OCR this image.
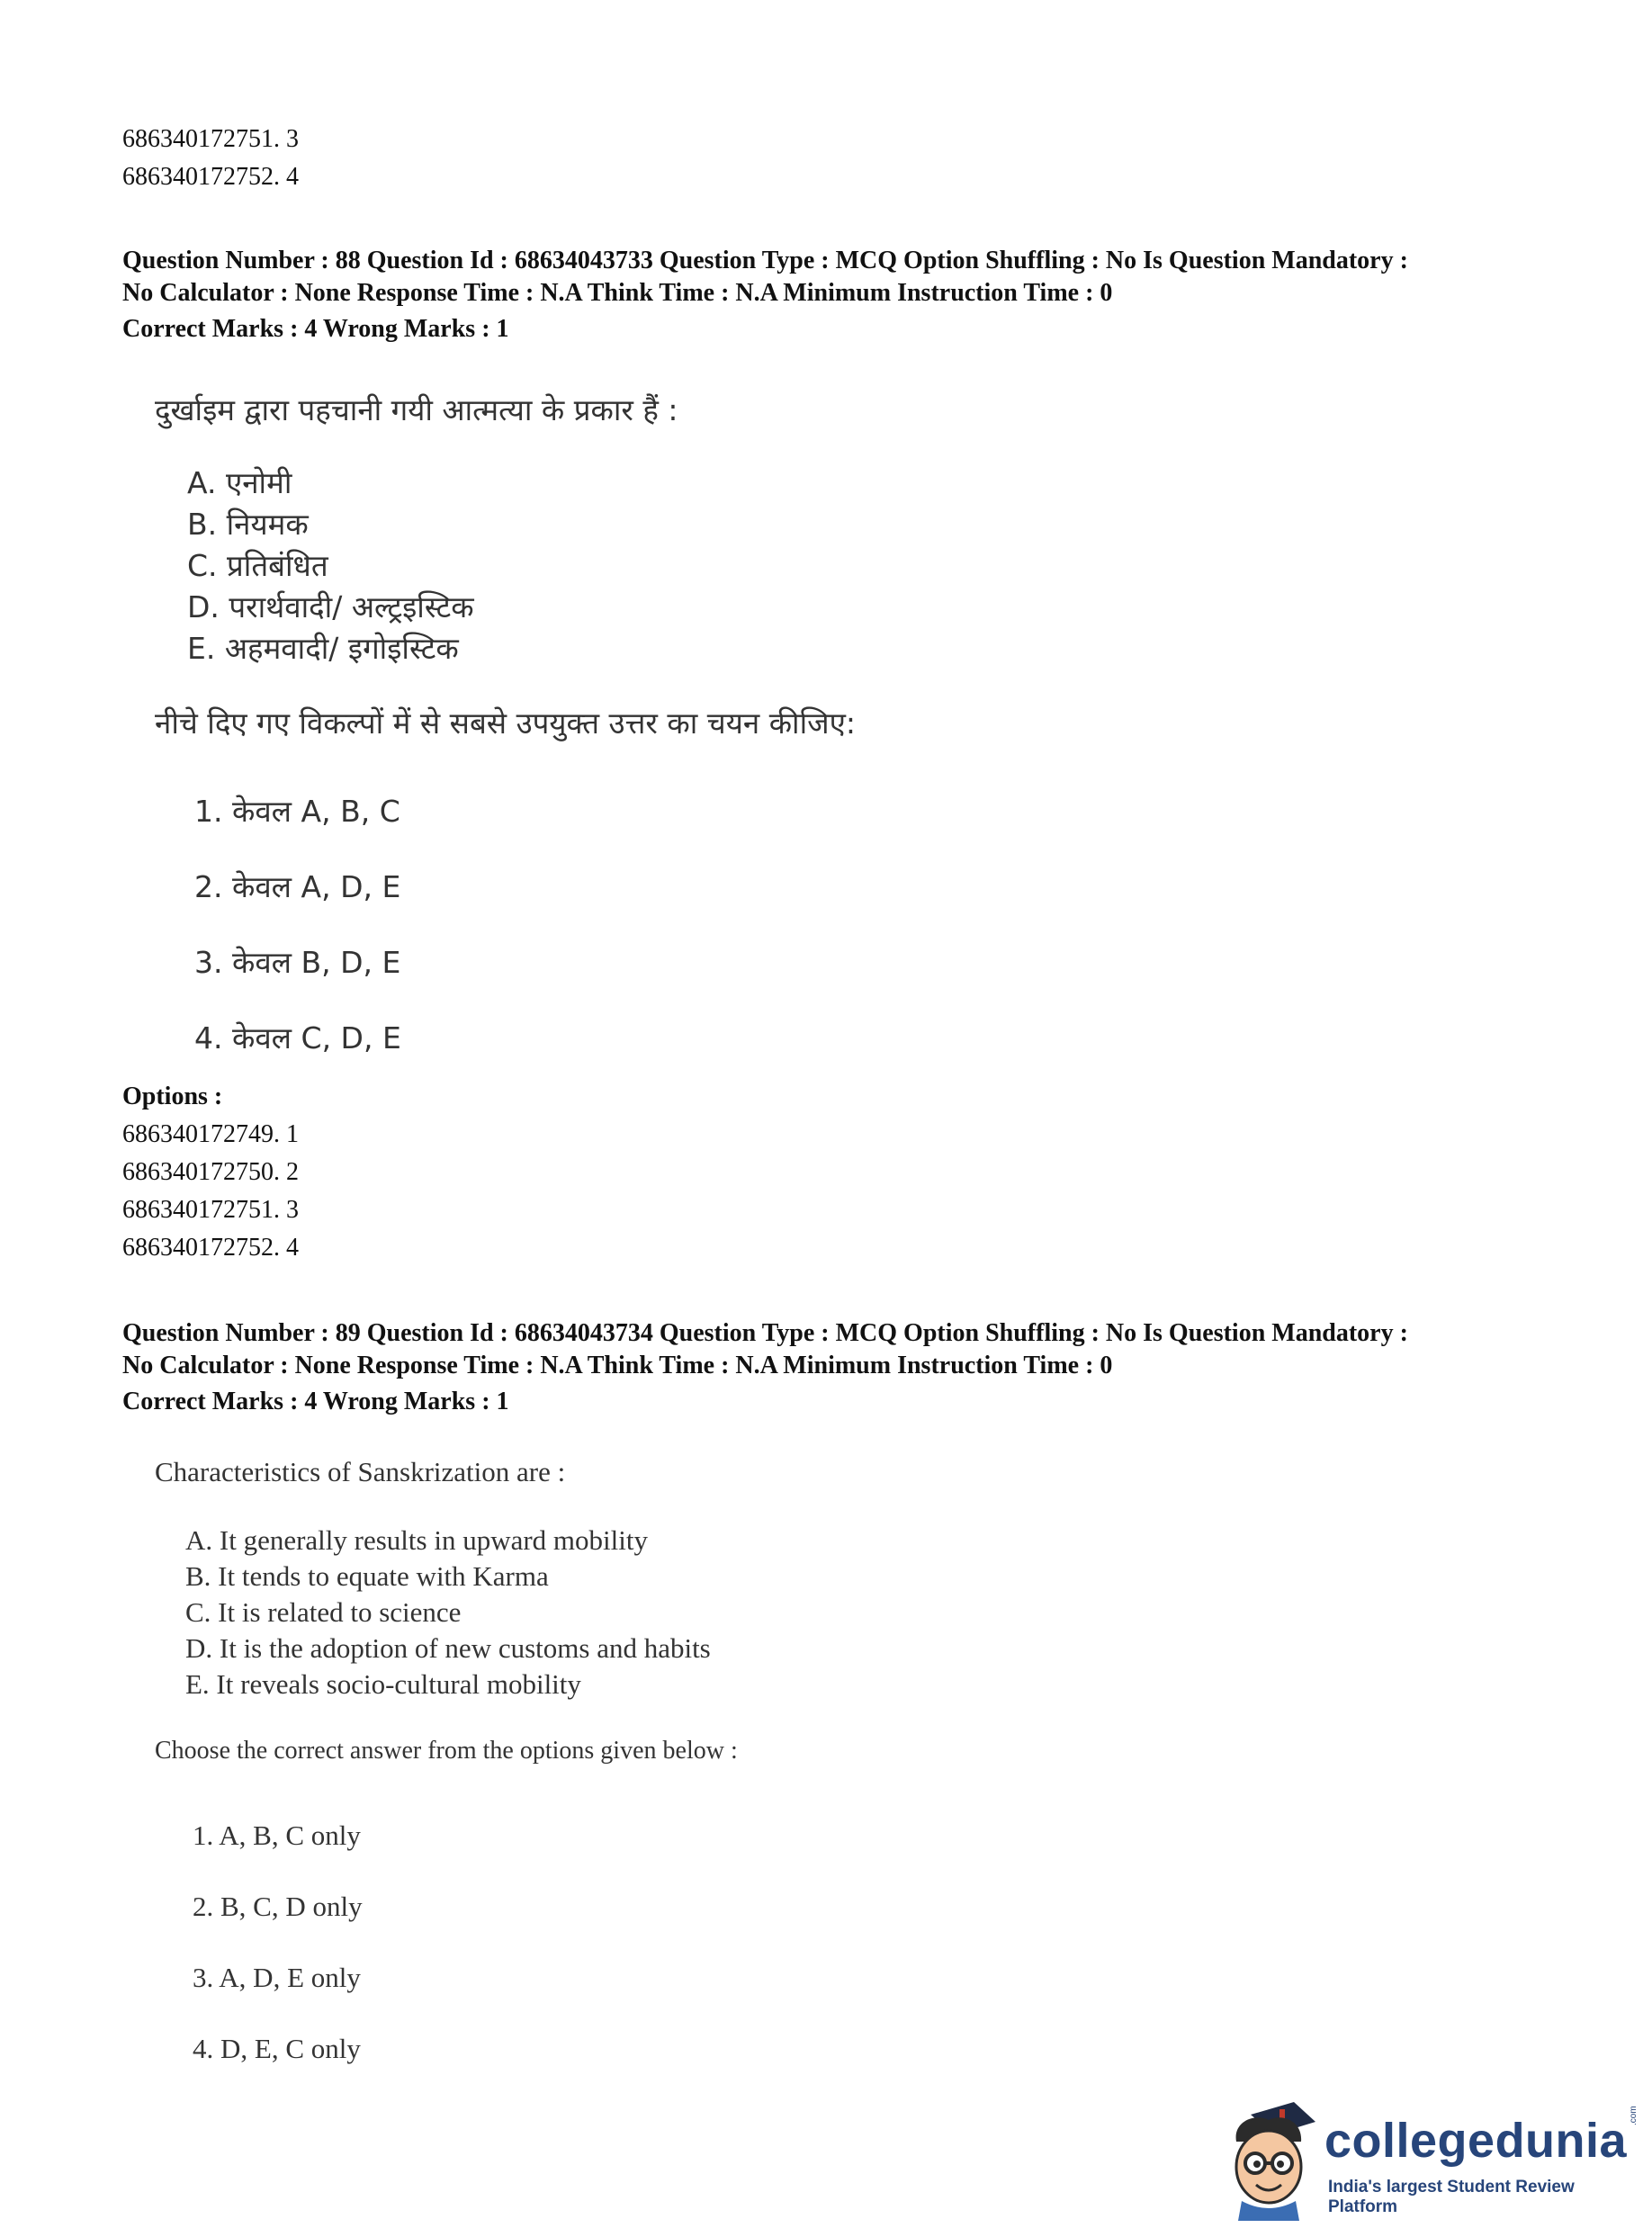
686340172751. 3
686340172752. 4
Question Number : 88 Question Id : 68634043733 Question Type : MCQ Option Shuffling : No Is Question Mandatory :
No Calculator : None Response Time : N.A Think Time : N.A Minimum Instruction Time : 0
Correct Marks : 4 Wrong Marks : 1
दुर्खाइम द्वारा पहचानी गयी आत्मत्या के प्रकार हैं :
A. एनोमी
B. नियमक
C. प्रतिबंधित
D. परार्थवादी/ अल्ट्रइस्टिक
E. अहमवादी/ इगोइस्टिक
नीचे दिए गए विकल्पों में से सबसे उपयुक्त उत्तर का चयन कीजिए:
1. केवल A, B, C
2. केवल A, D, E
3. केवल B, D, E
4. केवल C, D, E
Options :
686340172749. 1
686340172750. 2
686340172751. 3
686340172752. 4
Question Number : 89 Question Id : 68634043734 Question Type : MCQ Option Shuffling : No Is Question Mandatory :
No Calculator : None Response Time : N.A Think Time : N.A Minimum Instruction Time : 0
Correct Marks : 4 Wrong Marks : 1
Characteristics of Sanskrization are :
A. It generally results in upward mobility
B. It tends to equate with Karma
C. It is related to science
D. It is the adoption of new customs and habits
E. It reveals socio-cultural mobility
Choose the correct answer from the options given below :
1. A, B, C only
2. B, C, D only
3. A, D, E only
4. D, E, C only
collegedunia .com
India's largest Student Review Platform
